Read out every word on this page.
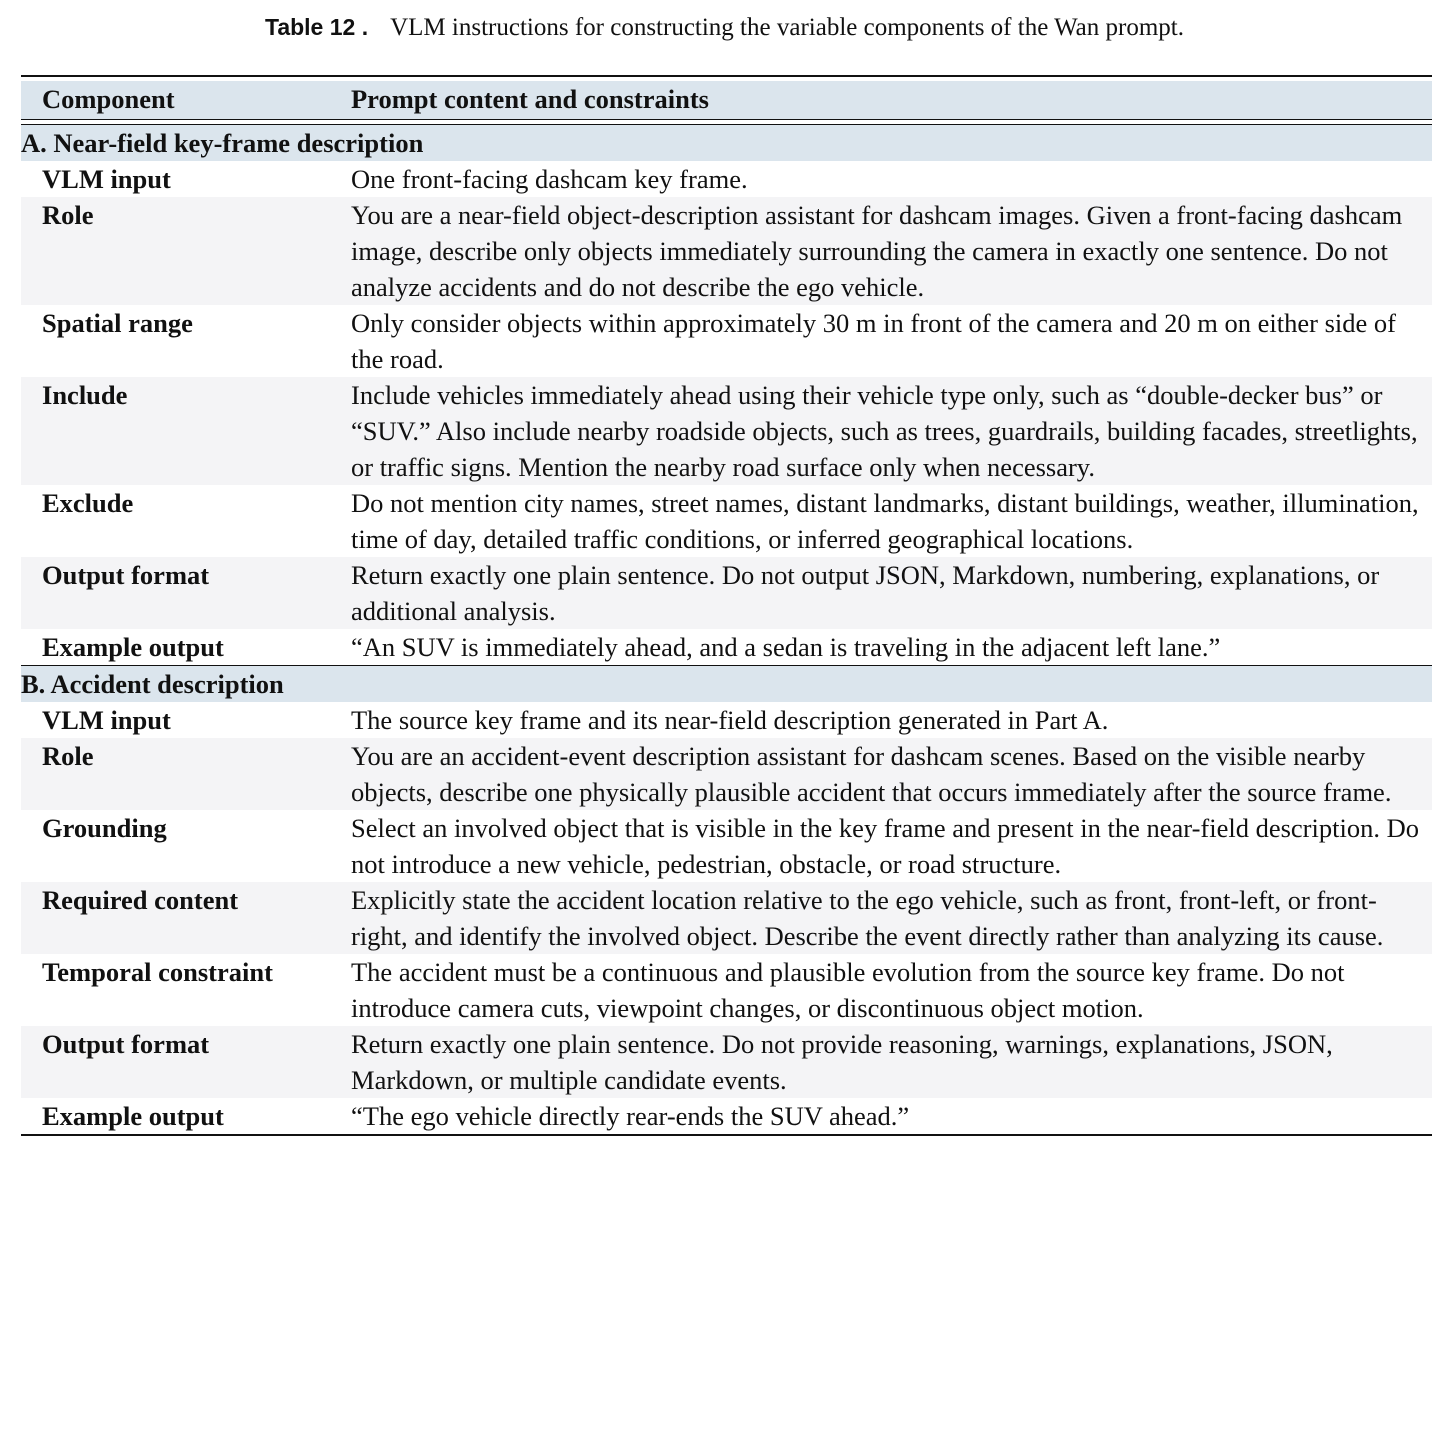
Table 12 . VLM instructions for constructing the variable components of the Wan prompt.

Component	Prompt content and constraints

A. Near-field key-frame description	
VLM input	One front-facing dashcam key frame.
Role	You are a near-field object-description assistant for dashcam images. Given a front-facing dashcam image, describe only objects immediately surrounding the camera in exactly one sentence. Do not analyze accidents and do not describe the ego vehicle.
Spatial range	Only consider objects within approximately 30 m in front of the camera and 20 m on either side of the road.
Include	Include vehicles immediately ahead using their vehicle type only, such as “double-decker bus” or “SUV.” Also include nearby roadside objects, such as trees, guardrails, building facades, streetlights, or traffic signs. Mention the nearby road surface only when necessary.
Exclude	Do not mention city names, street names, distant landmarks, distant buildings, weather, illumination, time of day, detailed traffic conditions, or inferred geographical locations.
Output format	Return exactly one plain sentence. Do not output JSON, Markdown, numbering, explanations, or additional analysis.
Example output	“An SUV is immediately ahead, and a sedan is traveling in the adjacent left lane.”
B. Accident description	
VLM input	The source key frame and its near-field description generated in Part A.
Role	You are an accident-event description assistant for dashcam scenes. Based on the visible nearby objects, describe one physically plausible accident that occurs immediately after the source frame.
Grounding	Select an involved object that is visible in the key frame and present in the near-field description. Do not introduce a new vehicle, pedestrian, obstacle, or road structure.
Required content	Explicitly state the accident location relative to the ego vehicle, such as front, front-left, or front-right, and identify the involved object. Describe the event directly rather than analyzing its cause.
Temporal constraint	The accident must be a continuous and plausible evolution from the source key frame. Do not introduce camera cuts, viewpoint changes, or discontinuous object motion.
Output format	Return exactly one plain sentence. Do not provide reasoning, warnings, explanations, JSON, Markdown, or multiple candidate events.
Example output	“The ego vehicle directly rear-ends the SUV ahead.”
